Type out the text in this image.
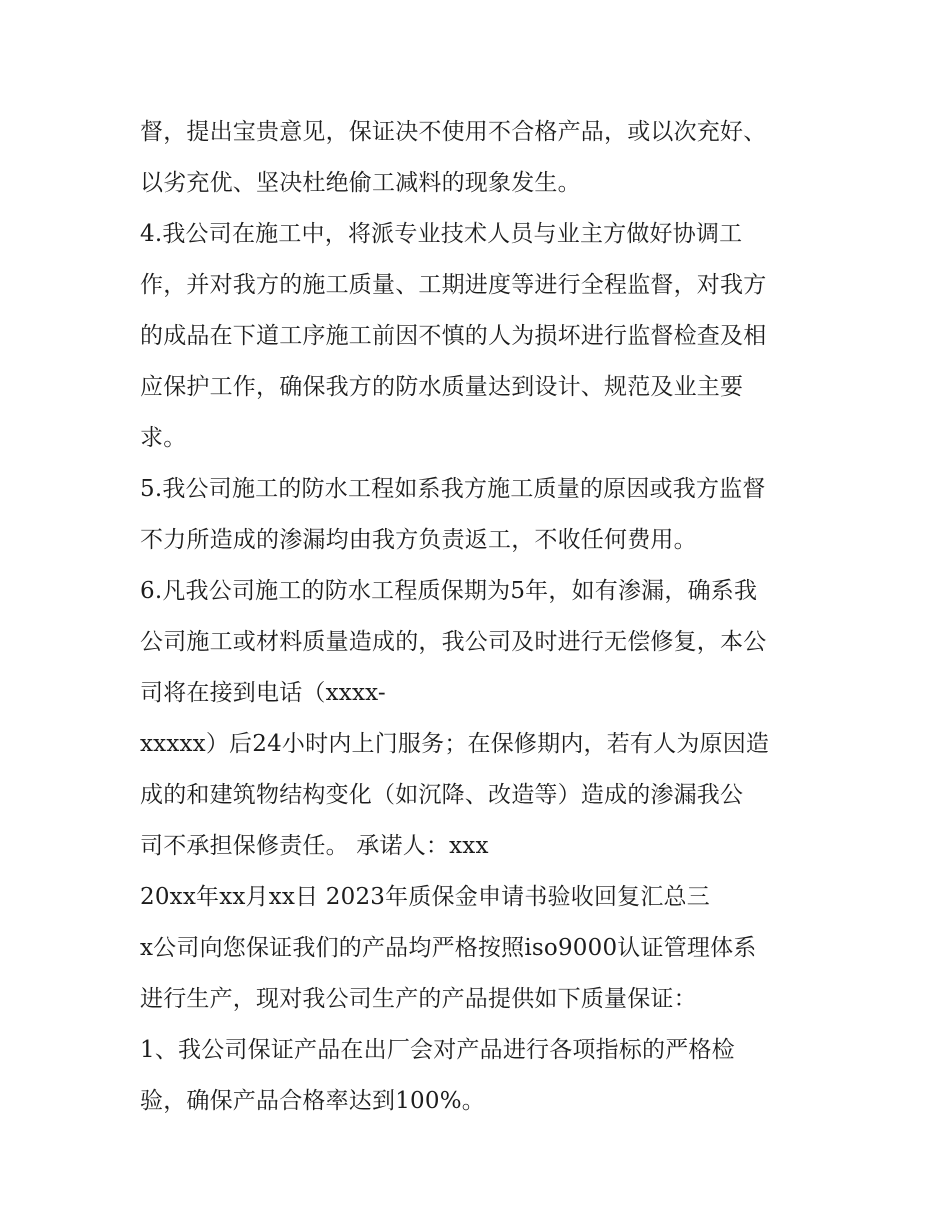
督，提出宝贵意见，保证决不使用不合格产品，或以次充好、
以劣充优、坚决杜绝偷工减料的现象发生。
4.我公司在施工中，将派专业技术人员与业主方做好协调工
作，并对我方的施工质量、工期进度等进行全程监督，对我方
的成品在下道工序施工前因不慎的人为损坏进行监督检查及相
应保护工作，确保我方的防水质量达到设计、规范及业主要
求。
5.我公司施工的防水工程如系我方施工质量的原因或我方监督
不力所造成的渗漏均由我方负责返工，不收任何费用。
6.凡我公司施工的防水工程质保期为5年，如有渗漏，确系我
公司施工或材料质量造成的，我公司及时进行无偿修复，本公
司将在接到电话（xxxx-
xxxxx）后24小时内上门服务；在保修期内，若有人为原因造
成的和建筑物结构变化（如沉降、改造等）造成的渗漏我公
司不承担保修责任。 承诺人：xxx
20xx年xx月xx日 2023年质保金申请书验收回复汇总三
x公司向您保证我们的产品均严格按照iso9000认证管理体系
进行生产，现对我公司生产的产品提供如下质量保证：
1、我公司保证产品在出厂会对产品进行各项指标的严格检
验，确保产品合格率达到100%。
